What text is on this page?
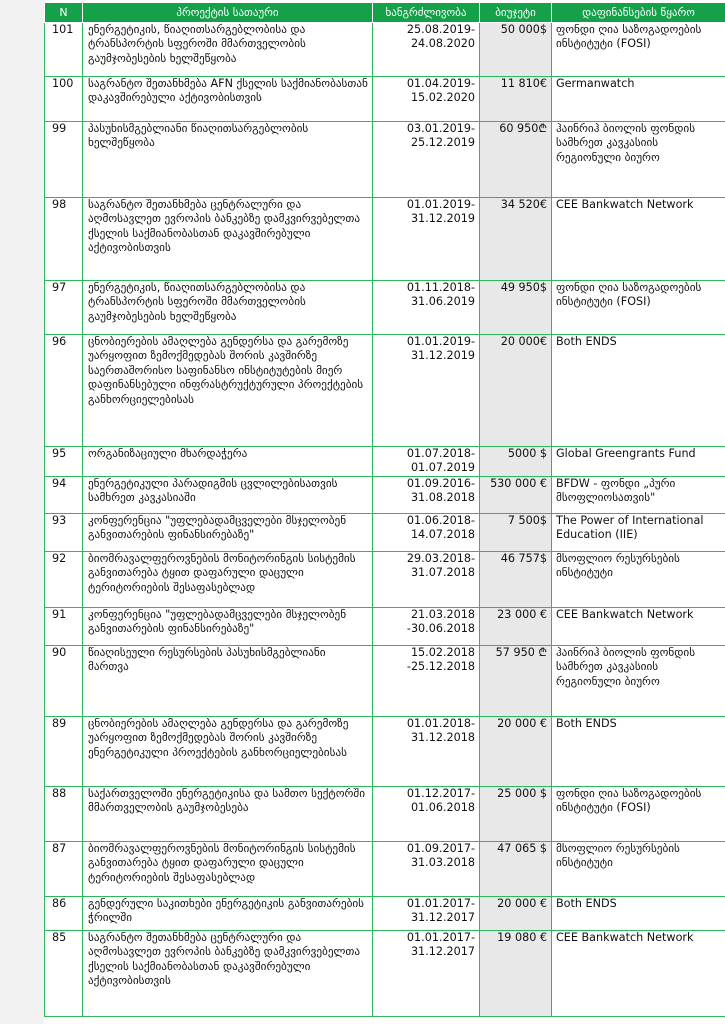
N	პროექტის სათაური	ხანგრძლივობა	ბიუჯეტი	დაფინანსების წყარო
101	ენერგეტიკის, წიაღითსარგებლობისა და ტრანსპორტის სფეროში მმართველობის გაუმჯობესების ხელშეწყობა	25.08.2019- 24.08.2020	50 000$	ფონდი ღია საზოგადოების ინსტიტუტი (FOSI)
100	საგრანტო შეთანხმება AFN ქსელის საქმიანობასთან დაკავშირებული აქტივობისთვის	01.04.2019- 15.02.2020	11 810€	Germanwatch
99	პასუხისმგებლიანი წიაღითსარგებლობის ხელშეწყობა	03.01.2019- 25.12.2019	60 950₾	ჰაინრიჰ ბიოლის ფონდის სამხრეთ კავკასიის რეგიონული ბიურო
98	საგრანტო შეთანხმება ცენტრალური და აღმოსავლეთ ევროპის ბანკებზე დამკვირვებელთა ქსელის საქმიანობასთან დაკავშირებული აქტივობისთვის	01.01.2019- 31.12.2019	34 520€	CEE Bankwatch Network
97	ენერგეტიკის, წიაღითსარგებლობისა და ტრანსპორტის სფეროში მმართველობის გაუმჯობესების ხელშეწყობა	01.11.2018- 31.06.2019	49 950$	ფონდი ღია საზოგადოების ინსტიტუტი (FOSI)
96	ცნობიერების ამაღლება გენდერსა და გარემოზე უარყოფით ზემოქმედებას შორის კავშირზე საერთაშორისო საფინანსო ინსტიტუტების მიერ დაფინანსებული ინფრასტრუქტურული პროექტების განხორციელებისას	01.01.2019- 31.12.2019	20 000€	Both ENDS
95	ორგანიზაციული მხარდაჭერა	01.07.2018- 01.07.2019	5000 $	Global Greengrants Fund
94	ენერგეტიკული პარადიგმის ცვლილებისათვის სამხრეთ კავკასიაში	01.09.2016- 31.08.2018	530 000 €	BFDW - ფონდი „პური მსოფლიოსათვის"
93	კონფერენცია "უფლებადამცველები მსჯელობენ განვითარების ფინანსირებაზე"	01.06.2018- 14.07.2018	7 500$	The Power of International Education (IIE)
92	ბიომრავალფეროვნების მონიტორინგის სისტემის განვითარება ტყით დაფარული დაცული ტერიტორიების შესაფასებლად	29.03.2018- 31.07.2018	46 757$	მსოფლიო რესურსების ინსტიტუტი
91	კონფერენცია "უფლებადამცველები მსჯელობენ განვითარების ფინანსირებაზე"	21.03.2018 -30.06.2018	23 000 €	CEE Bankwatch Network
90	წიაღისეული რესურსების პასუხისმგებლიანი მართვა	15.02.2018 -25.12.2018	57 950 ₾	ჰაინრიჰ ბიოლის ფონდის სამხრეთ კავკასიის რეგიონული ბიურო
89	ცნობიერების ამაღლება გენდერსა და გარემოზე უარყოფით ზემოქმედებას შორის კავშირზე ენერგეტიკული პროექტების განხორციელებისას	01.01.2018- 31.12.2018	20 000 €	Both ENDS
88	საქართველოში ენერგეტიკისა და სამთო სექტორში მმართველობის გაუმჯობესება	01.12.2017- 01.06.2018	25 000 $	ფონდი ღია საზოგადოების ინსტიტუტი (FOSI)
87	ბიომრავალფეროვნების მონიტორინგის სისტემის განვითარება ტყით დაფარული დაცული ტერიტორიების შესაფასებლად	01.09.2017- 31.03.2018	47 065 $	მსოფლიო რესურსების ინსტიტუტი
86	გენდერული საკითხები ენერგეტიკის განვითარების ჭრილში	01.01.2017- 31.12.2017	20 000 €	Both ENDS
85	საგრანტო შეთანხმება ცენტრალური და აღმოსავლეთ ევროპის ბანკებზე დამკვირვებელთა ქსელის საქმიანობასთან დაკავშირებული აქტივობისთვის	01.01.2017- 31.12.2017	19 080 €	CEE Bankwatch Network
